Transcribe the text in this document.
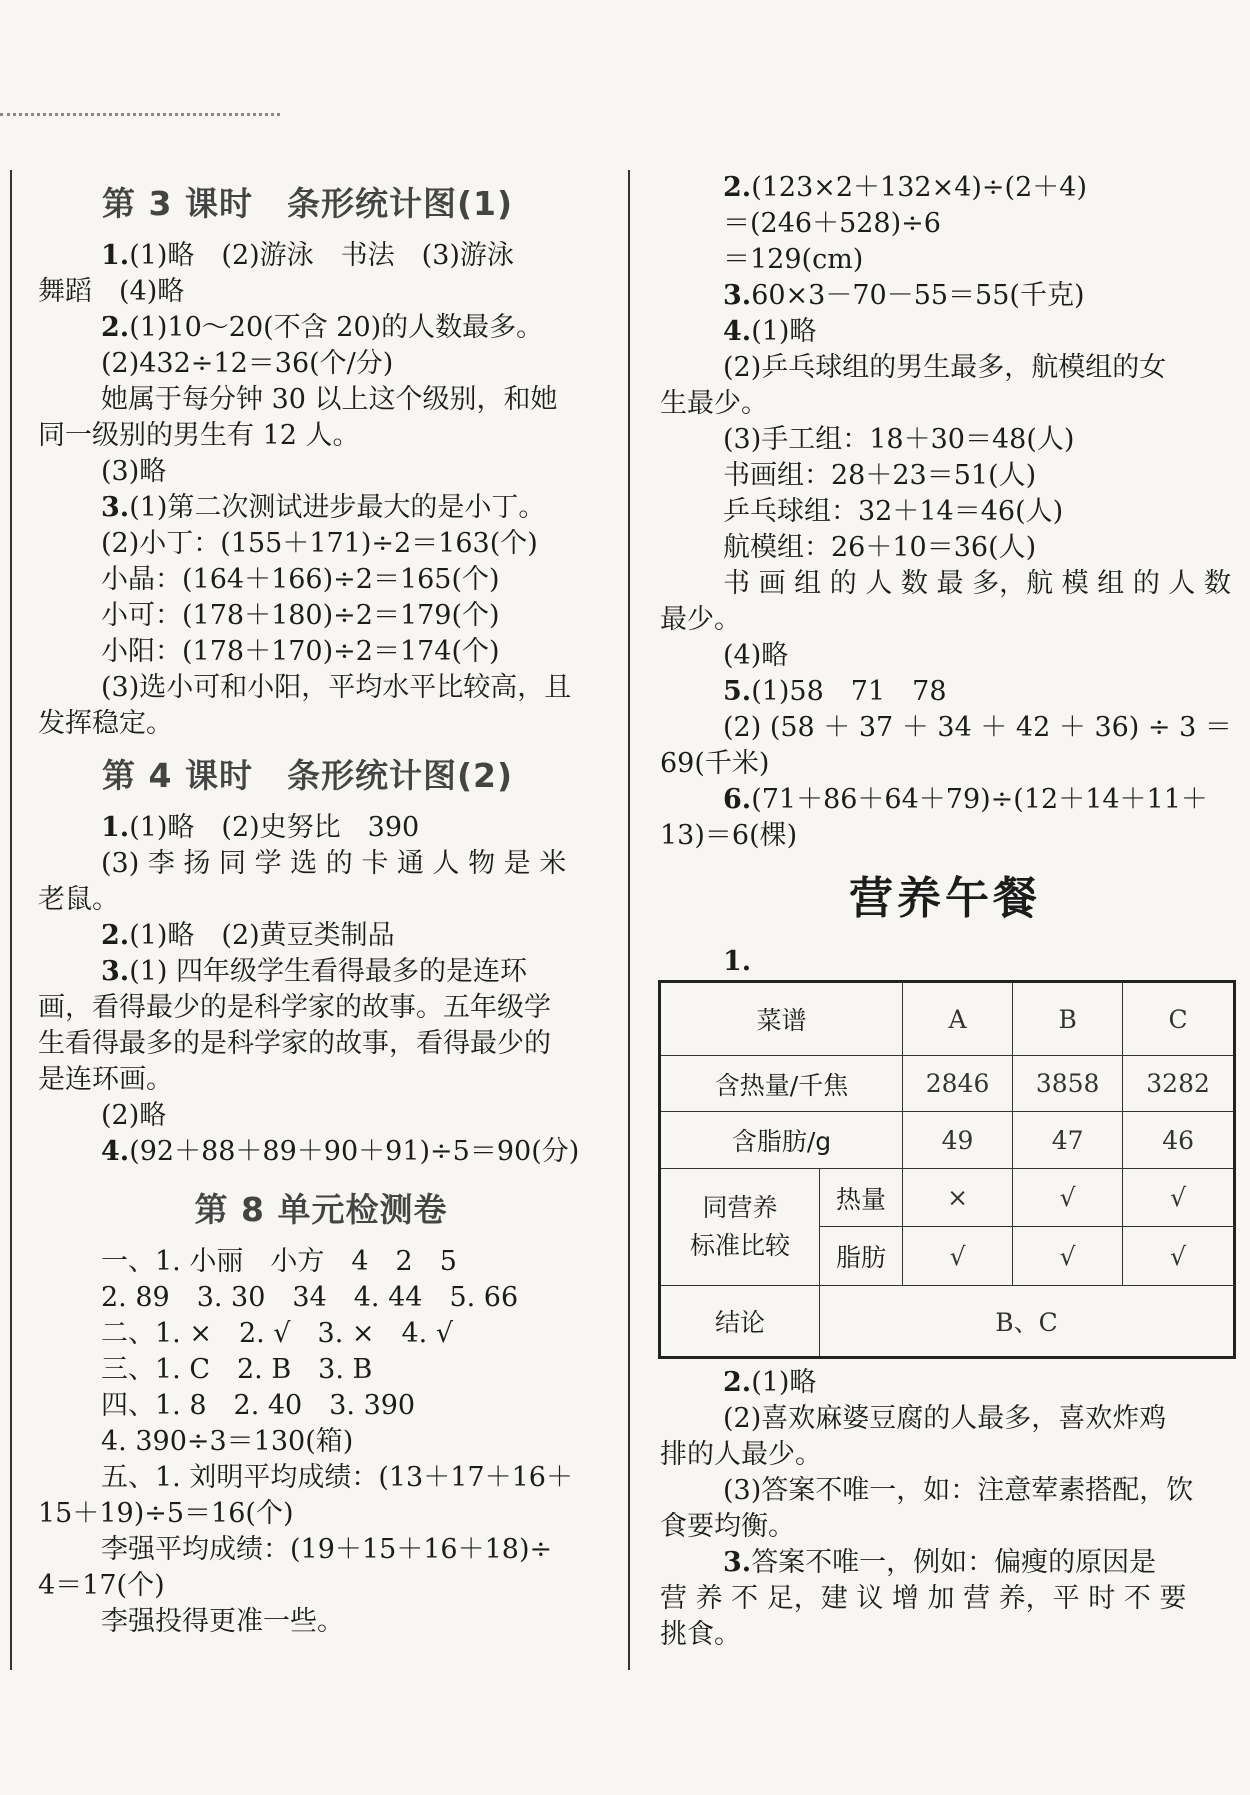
第 3 课时　条形统计图(1)
1.(1)略　(2)游泳　书法　(3)游泳
舞蹈　(4)略
2.(1)10～20(不含 20)的人数最多。
(2)432÷12＝36(个/分)
她属于每分钟 30 以上这个级别，和她
同一级别的男生有 12 人。
(3)略
3.(1)第二次测试进步最大的是小丁。
(2)小丁：(155＋171)÷2＝163(个)
小晶：(164＋166)÷2＝165(个)
小可：(178＋180)÷2＝179(个)
小阳：(178＋170)÷2＝174(个)
(3)选小可和小阳，平均水平比较高，且
发挥稳定。
第 4 课时　条形统计图(2)
1.(1)略　(2)史努比　390
(3) 李 扬 同 学 选 的 卡 通 人 物 是 米
老鼠。
2.(1)略　(2)黄豆类制品
3.(1) 四年级学生看得最多的是连环
画，看得最少的是科学家的故事。五年级学
生看得最多的是科学家的故事，看得最少的
是连环画。
(2)略
4.(92＋88＋89＋90＋91)÷5＝90(分)
第 8 单元检测卷
一、1. 小丽　小方　4　2　5
2. 89　3. 30　34　4. 44　5. 66
二、1. ×　2. √　3. ×　4. √
三、1. C　2. B　3. B
四、1. 8　2. 40　3. 390
4. 390÷3＝130(箱)
五、1. 刘明平均成绩：(13＋17＋16＋
15＋19)÷5＝16(个)
李强平均成绩：(19＋15＋16＋18)÷
4＝17(个)
李强投得更准一些。
2.(123×2＋132×4)÷(2＋4)
＝(246＋528)÷6
＝129(cm)
3.60×3－70－55＝55(千克)
4.(1)略
(2)乒乓球组的男生最多，航模组的女
生最少。
(3)手工组：18＋30＝48(人)
书画组：28＋23＝51(人)
乒乓球组：32＋14＝46(人)
航模组：26＋10＝36(人)
书 画 组 的 人 数 最 多，航 模 组 的 人 数
最少。
(4)略
5.(1)58　71　78
(2) (58 ＋ 37 ＋ 34 ＋ 42 ＋ 36) ÷ 3 ＝
69(千米)
6.(71＋86＋64＋79)÷(12＋14＋11＋
13)＝6(棵)
营养午餐
1.
菜谱		A	B	C
含热量/千焦		2846	3858	3282
含脂肪/g		49	47	46

同营养
标准比较	热量	×	√	√
	脂肪	√	√	√
结论	B、C			
2.(1)略
(2)喜欢麻婆豆腐的人最多，喜欢炸鸡
排的人最少。
(3)答案不唯一，如：注意荤素搭配，饮
食要均衡。
3.答案不唯一，例如：偏瘦的原因是
营 养 不 足，建 议 增 加 营 养，平 时 不 要
挑食。
